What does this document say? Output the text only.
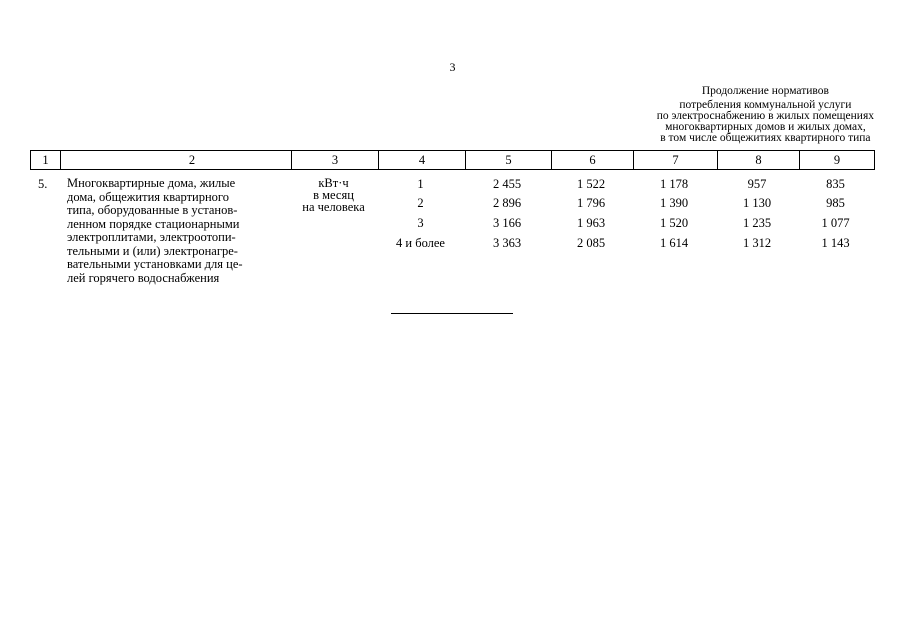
3
Продолжение нормативов
потребления коммунальной услуги
по электроснабжению в жилых помещениях
многоквартирных домов и жилых домах,
в том числе общежитиях квартирного типа
1	2	3	4	5	6	7	8	9
5. Многоквартирные дома, жилые
дома, общежития квартирного
типа, оборудованные в установ-
ленном порядке стационарными
электроплитами, электроотопи-
тельными и (или) электронагре-
вательными установками для це-
лей горячего водоснабжения
кВт·ч
в месяц
на человека
1	2 455	1 522	1 178	957	835
2	2 896	1 796	1 390	1 130	985
3	3 166	1 963	1 520	1 235	1 077
4 и более	3 363	2 085	1 614	1 312	1 143
